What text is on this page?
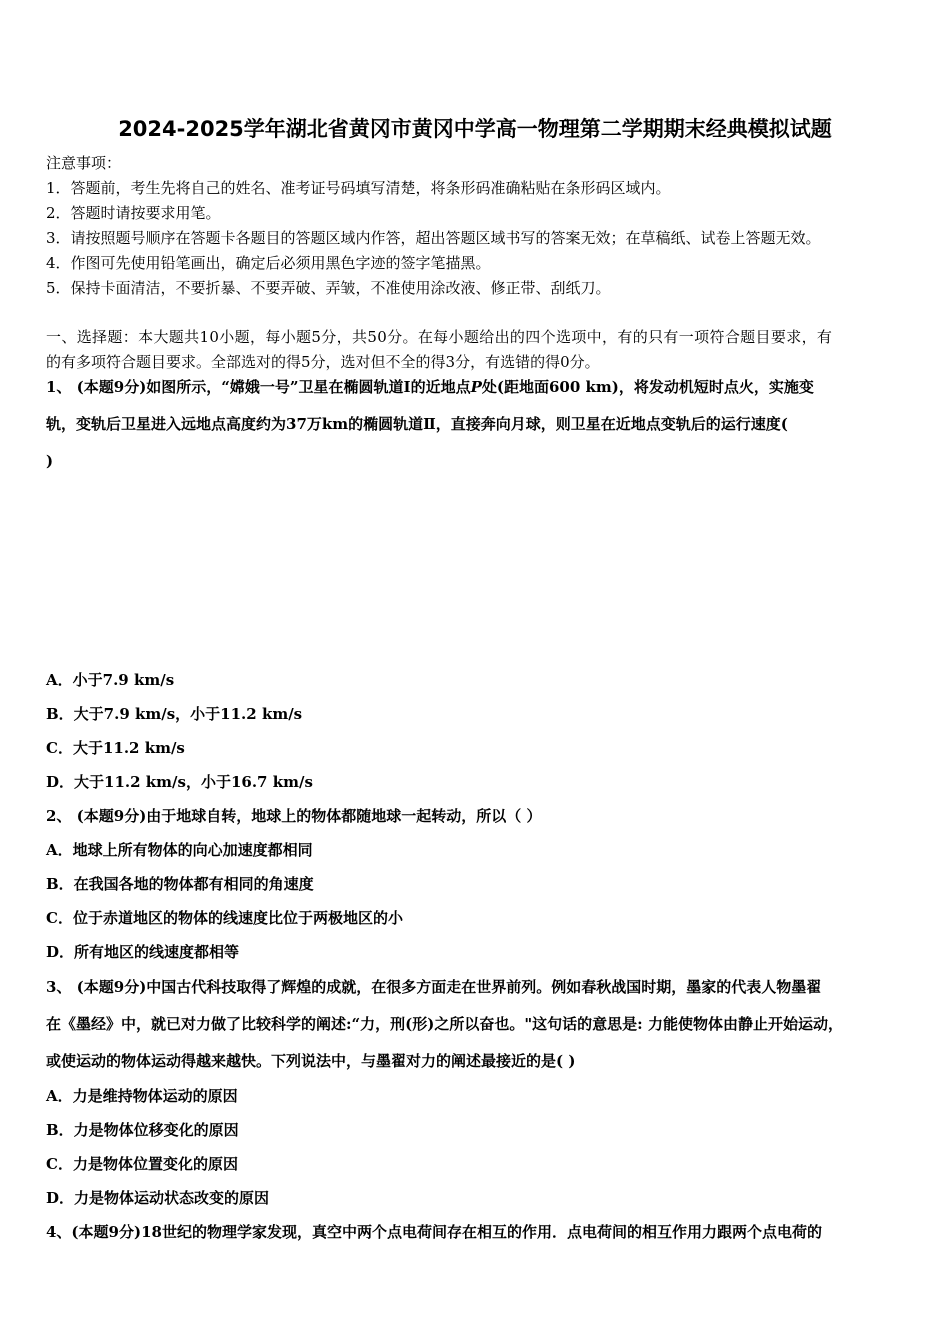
2024-2025学年湖北省黄冈市黄冈中学高一物理第二学期期末经典模拟试题
注意事项：
1．答题前，考生先将自己的姓名、准考证号码填写清楚，将条形码准确粘贴在条形码区域内。
2．答题时请按要求用笔。
3．请按照题号顺序在答题卡各题目的答题区域内作答，超出答题区域书写的答案无效；在草稿纸、试卷上答题无效。
4．作图可先使用铅笔画出，确定后必须用黑色字迹的签字笔描黑。
5．保持卡面清洁，不要折暴、不要弄破、弄皱，不准使用涂改液、修正带、刮纸刀。
一、选择题：本大题共10小题，每小题5分，共50分。在每小题给出的四个选项中，有的只有一项符合题目要求，有
的有多项符合题目要求。全部选对的得5分，选对但不全的得3分，有选错的得0分。
1、 (本题9分)如图所示，“嫦娥一号”卫星在椭圆轨道Ⅰ的近地点P处(距地面600 km)，将发动机短时点火，实施变
轨，变轨后卫星进入远地点高度约为37万km的椭圆轨道Ⅱ，直接奔向月球，则卫星在近地点变轨后的运行速度(
)
A．小于7.9 km/s
B．大于7.9 km/s，小于11.2 km/s
C．大于11.2 km/s
D．大于11.2 km/s，小于16.7 km/s
2、 (本题9分)由于地球自转，地球上的物体都随地球一起转动，所以（ ）
A．地球上所有物体的向心加速度都相同
B．在我国各地的物体都有相同的角速度
C．位于赤道地区的物体的线速度比位于两极地区的小
D．所有地区的线速度都相等
3、 (本题9分)中国古代科技取得了辉煌的成就，在很多方面走在世界前列。例如春秋战国时期，墨家的代表人物墨翟
在《墨经》中，就已对力做了比较科学的阐述:“力，刑(形)之所以奋也。"这句话的意思是: 力能使物体由静止开始运动，
或使运动的物体运动得越来越快。下列说法中，与墨翟对力的阐述最接近的是( )
A．力是维持物体运动的原因
B．力是物体位移变化的原因
C．力是物体位置变化的原因
D．力是物体运动状态改变的原因
4、(本题9分)18世纪的物理学家发现，真空中两个点电荷间存在相互的作用．点电荷间的相互作用力跟两个点电荷的
